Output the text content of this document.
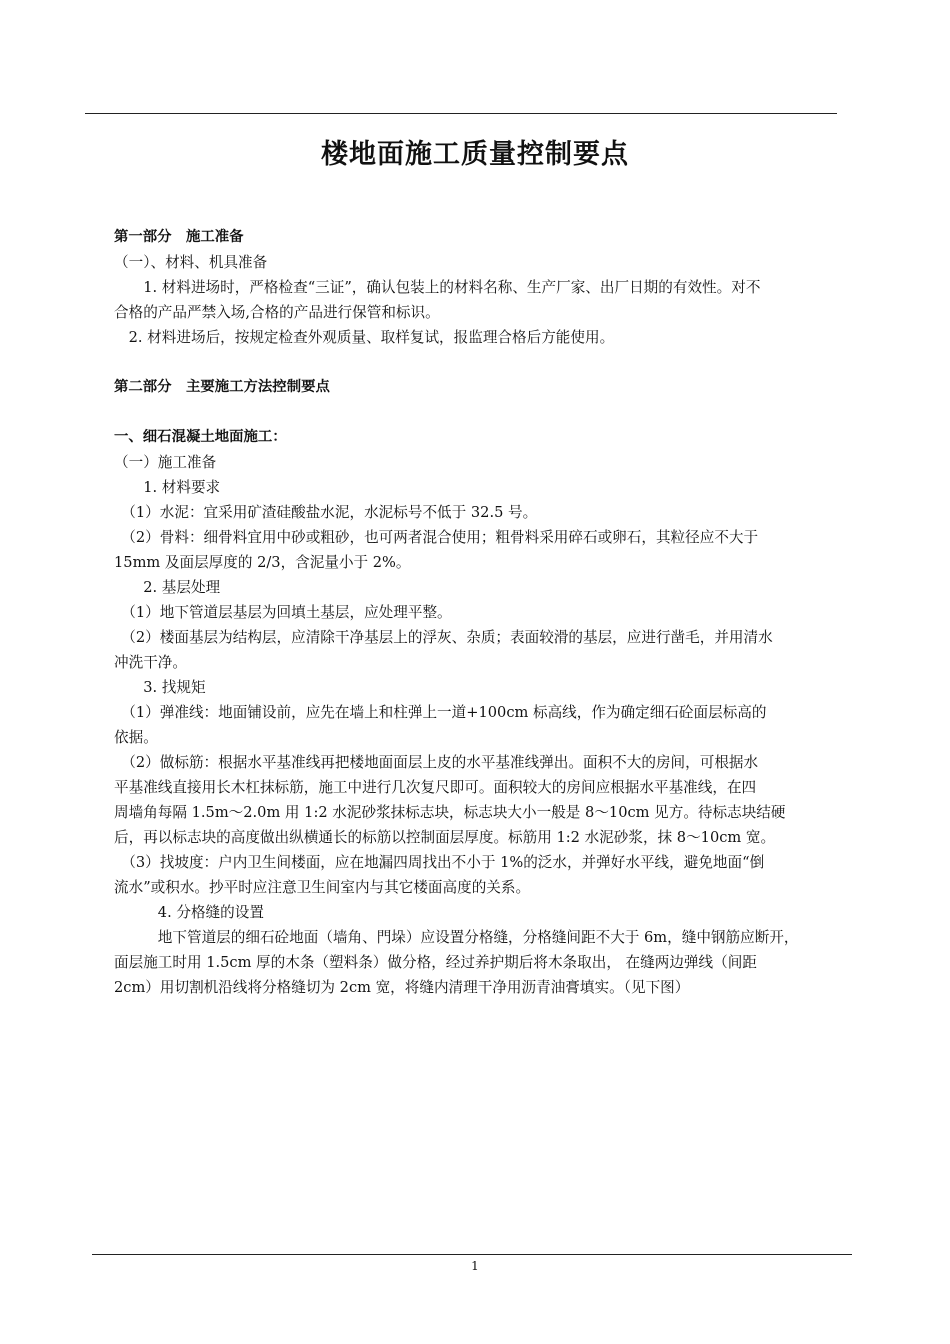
楼地面施工质量控制要点
第一部分　施工准备
（一）、材料、机具准备
　　1. 材料进场时，严格检查“三证”，确认包装上的材料名称、生产厂家、出厂日期的有效性。对不
合格的产品严禁入场,合格的产品进行保管和标识。
　2. 材料进场后，按规定检查外观质量、取样复试，报监理合格后方能使用。
第二部分　主要施工方法控制要点
一、细石混凝土地面施工：
（一）施工准备
　　1. 材料要求
　（1）水泥：宜采用矿渣硅酸盐水泥，水泥标号不低于 32.5 号。
　（2）骨料：细骨料宜用中砂或粗砂，也可两者混合使用；粗骨料采用碎石或卵石，其粒径应不大于
15mm 及面层厚度的 2/3，含泥量小于 2%。
　　2. 基层处理
　（1）地下管道层基层为回填土基层，应处理平整。
　（2）楼面基层为结构层，应清除干净基层上的浮灰、杂质；表面较滑的基层，应进行凿毛，并用清水
冲洗干净。
　　3. 找规矩
　（1）弹准线：地面铺设前，应先在墙上和柱弹上一道+100cm 标高线，作为确定细石砼面层标高的
依据。
　（2）做标筋：根据水平基准线再把楼地面面层上皮的水平基准线弹出。面积不大的房间，可根据水
平基准线直接用长木杠抹标筋，施工中进行几次复尺即可。面积较大的房间应根据水平基准线，在四
周墙角每隔 1.5m～2.0m 用 1:2 水泥砂浆抹标志块，标志块大小一般是 8～10cm 见方。待标志块结硬
后，再以标志块的高度做出纵横通长的标筋以控制面层厚度。标筋用 1:2 水泥砂浆，抹 8～10cm 宽。
　（3）找坡度：户内卫生间楼面，应在地漏四周找出不小于 1%的泛水，并弹好水平线，避免地面“倒
流水”或积水。抄平时应注意卫生间室内与其它楼面高度的关系。
　　　4. 分格缝的设置
　　　地下管道层的细石砼地面（墙角、門垛）应设置分格缝，分格缝间距不大于 6m，缝中钢筋应断开，
面层施工时用 1.5cm 厚的木条（塑料条）做分格，经过养护期后将木条取出， 在缝两边弹线（间距
2cm）用切割机沿线将分格缝切为 2cm 宽，将缝内清理干净用沥青油膏填实。（见下图）
1
